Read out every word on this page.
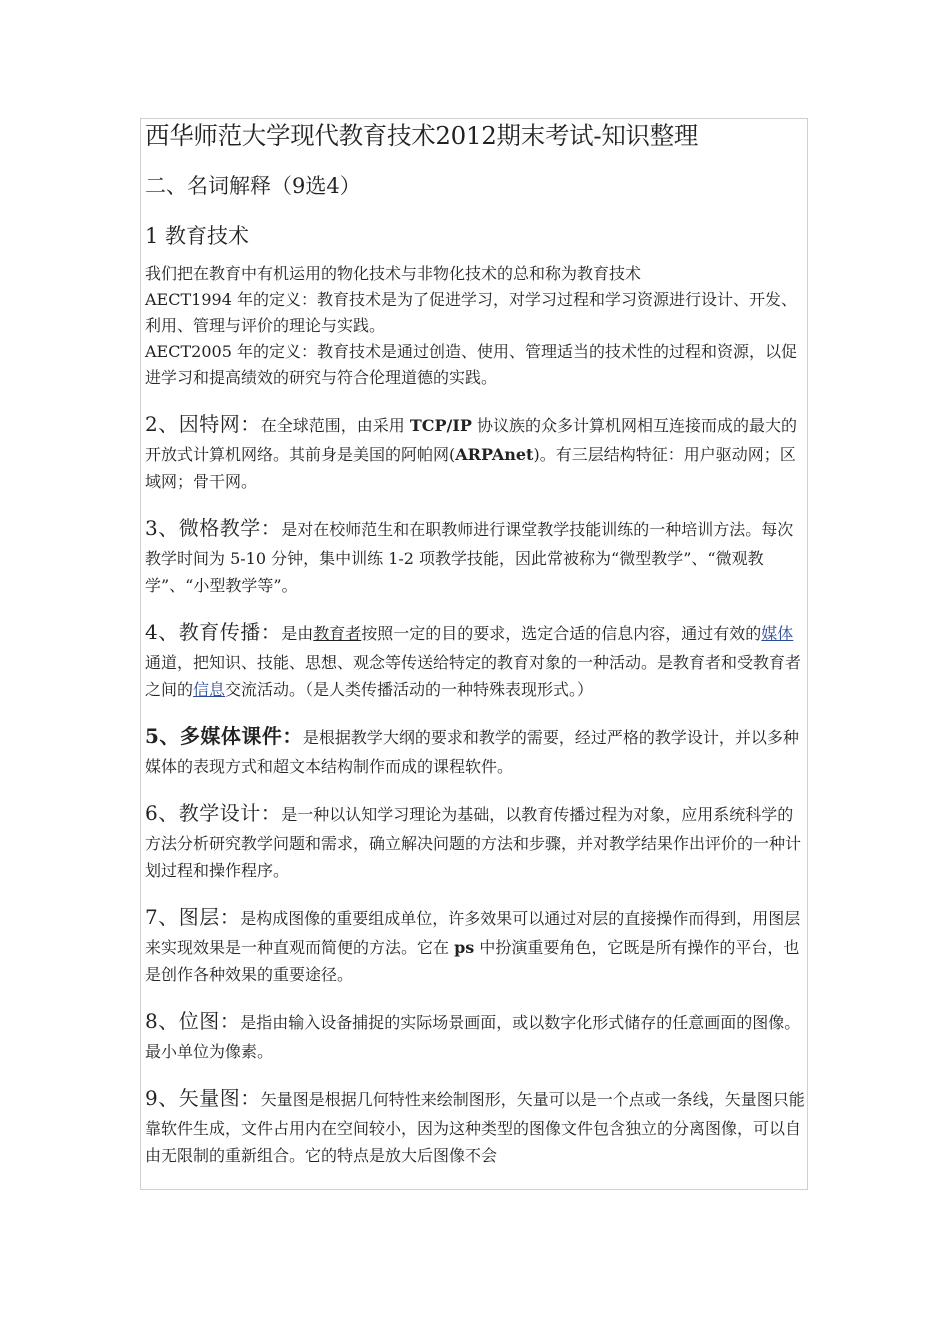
西华师范大学现代教育技术2012期末考试-知识整理

二、名词解释（9选4）

1 教育技术

我们把在教育中有机运用的物化技术与非物化技术的总和称为教育技术

AECT1994 年的定义：教育技术是为了促进学习，对学习过程和学习资源进行设计、开发、利用、管理与评价的理论与实践。

AECT2005 年的定义：教育技术是通过创造、使用、管理适当的技术性的过程和资源，以促进学习和提高绩效的研究与符合伦理道德的实践。

2、因特网：在全球范围，由采用 TCP/IP 协议族的众多计算机网相互连接而成的最大的开放式计算机网络。其前身是美国的阿帕网(ARPAnet)。有三层结构特征：用户驱动网；区域网；骨干网。

3、微格教学：是对在校师范生和在职教师进行课堂教学技能训练的一种培训方法。每次教学时间为 5-10 分钟，集中训练 1-2 项教学技能，因此常被称为“微型教学”、“微观教学”、“小型教学等”。

4、教育传播：是由教育者按照一定的目的要求，选定合适的信息内容，通过有效的媒体通道，把知识、技能、思想、观念等传送给特定的教育对象的一种活动。是教育者和受教育者之间的信息交流活动。（是人类传播活动的一种特殊表现形式。）

5、多媒体课件：是根据教学大纲的要求和教学的需要，经过严格的教学设计，并以多种媒体的表现方式和超文本结构制作而成的课程软件。

6、教学设计：是一种以认知学习理论为基础，以教育传播过程为对象，应用系统科学的方法分析研究教学问题和需求，确立解决问题的方法和步骤，并对教学结果作出评价的一种计划过程和操作程序。

7、图层：是构成图像的重要组成单位，许多效果可以通过对层的直接操作而得到，用图层来实现效果是一种直观而简便的方法。它在 ps 中扮演重要角色，它既是所有操作的平台，也是创作各种效果的重要途径。

8、位图：是指由输入设备捕捉的实际场景画面，或以数字化形式储存的任意画面的图像。最小单位为像素。

9、矢量图：矢量图是根据几何特性来绘制图形，矢量可以是一个点或一条线，矢量图只能靠软件生成，文件占用内在空间较小，因为这种类型的图像文件包含独立的分离图像，可以自由无限制的重新组合。它的特点是放大后图像不会
